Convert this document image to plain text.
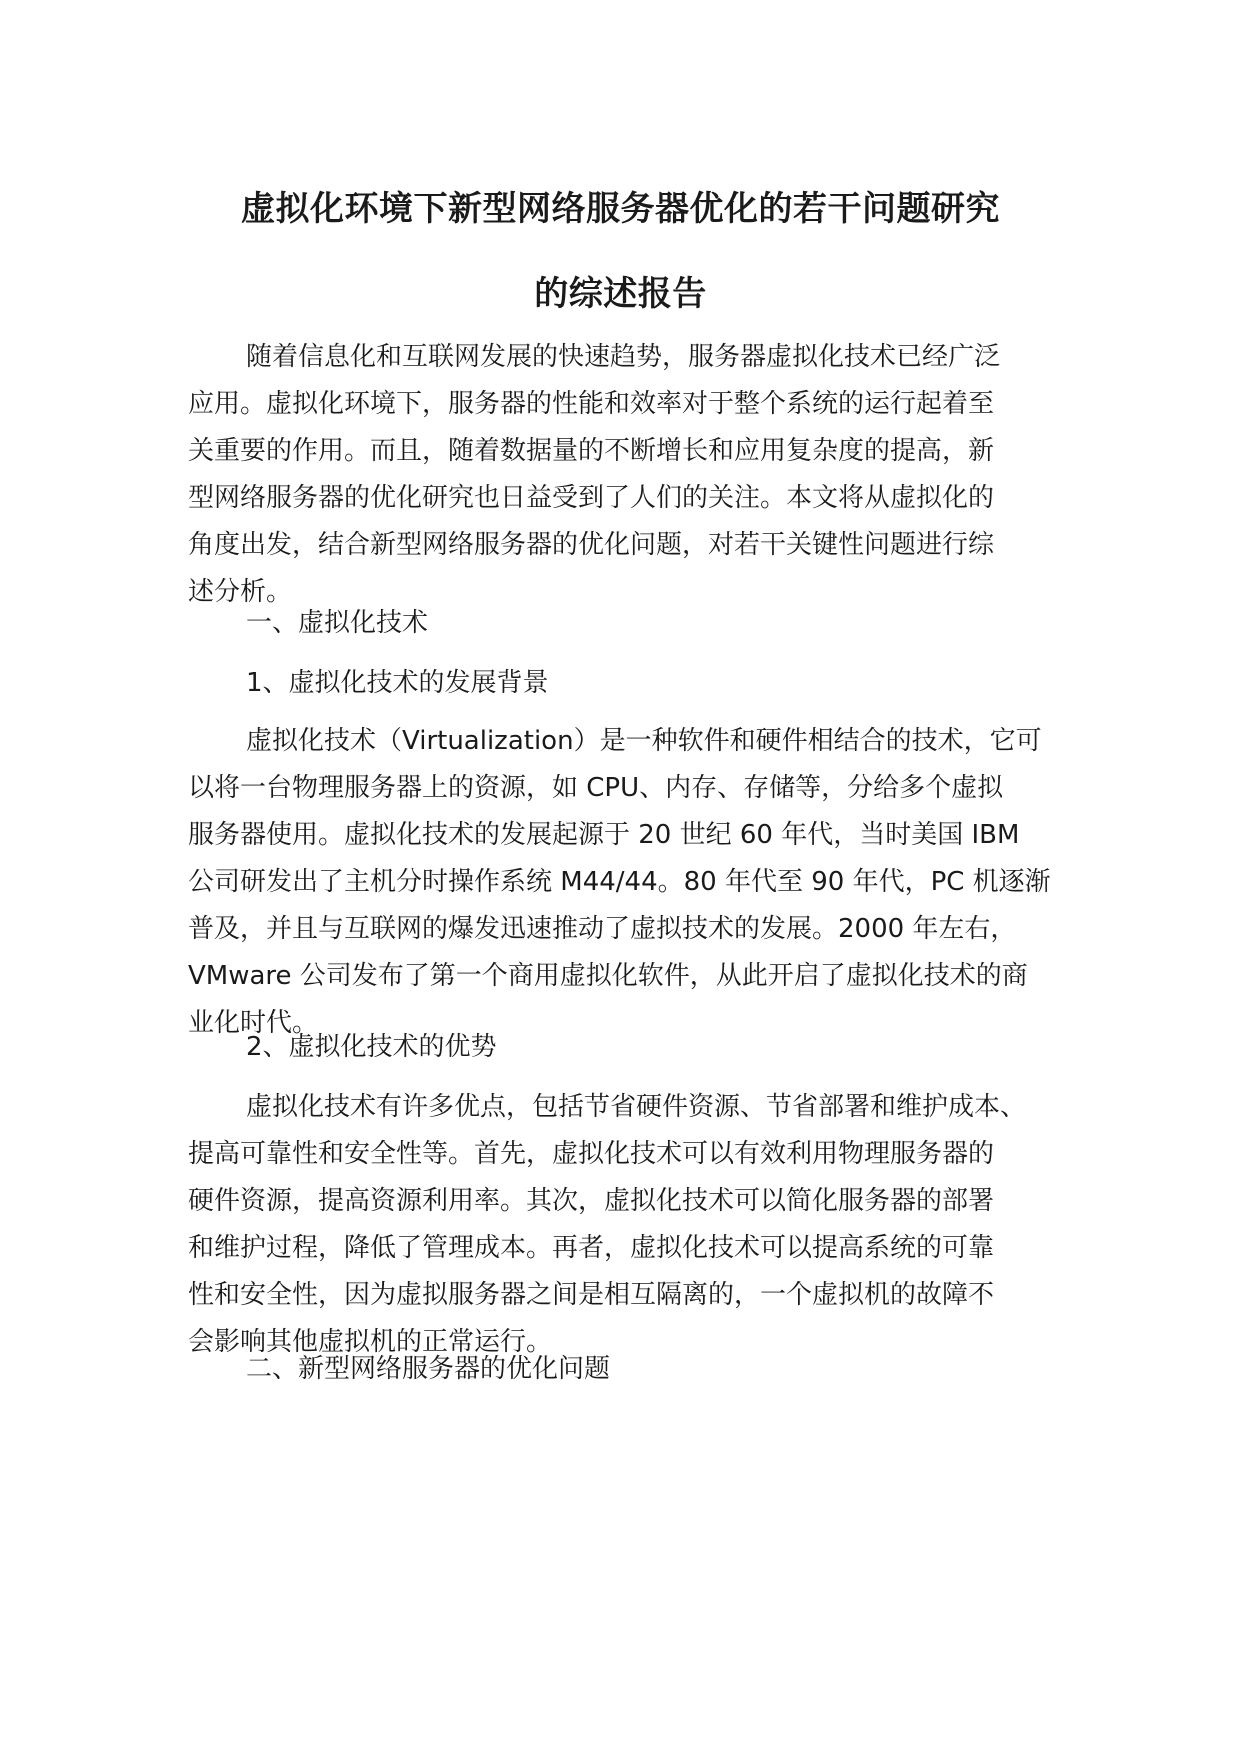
虚拟化环境下新型网络服务器优化的若干问题研究
的综述报告
随着信息化和互联网发展的快速趋势，服务器虚拟化技术已经广泛
应用。虚拟化环境下，服务器的性能和效率对于整个系统的运行起着至
关重要的作用。而且，随着数据量的不断增长和应用复杂度的提高，新
型网络服务器的优化研究也日益受到了人们的关注。本文将从虚拟化的
角度出发，结合新型网络服务器的优化问题，对若干关键性问题进行综
述分析。
一、虚拟化技术
1、虚拟化技术的发展背景
虚拟化技术（Virtualization）是一种软件和硬件相结合的技术，它可
以将一台物理服务器上的资源，如 CPU、内存、存储等，分给多个虚拟
服务器使用。虚拟化技术的发展起源于 20 世纪 60 年代，当时美国 IBM
公司研发出了主机分时操作系统 M44/44。80 年代至 90 年代，PC 机逐渐
普及，并且与互联网的爆发迅速推动了虚拟技术的发展。2000 年左右，
VMware 公司发布了第一个商用虚拟化软件，从此开启了虚拟化技术的商
业化时代。
2、虚拟化技术的优势
虚拟化技术有许多优点，包括节省硬件资源、节省部署和维护成本、
提高可靠性和安全性等。首先，虚拟化技术可以有效利用物理服务器的
硬件资源，提高资源利用率。其次，虚拟化技术可以简化服务器的部署
和维护过程，降低了管理成本。再者，虚拟化技术可以提高系统的可靠
性和安全性，因为虚拟服务器之间是相互隔离的，一个虚拟机的故障不
会影响其他虚拟机的正常运行。
二、新型网络服务器的优化问题
